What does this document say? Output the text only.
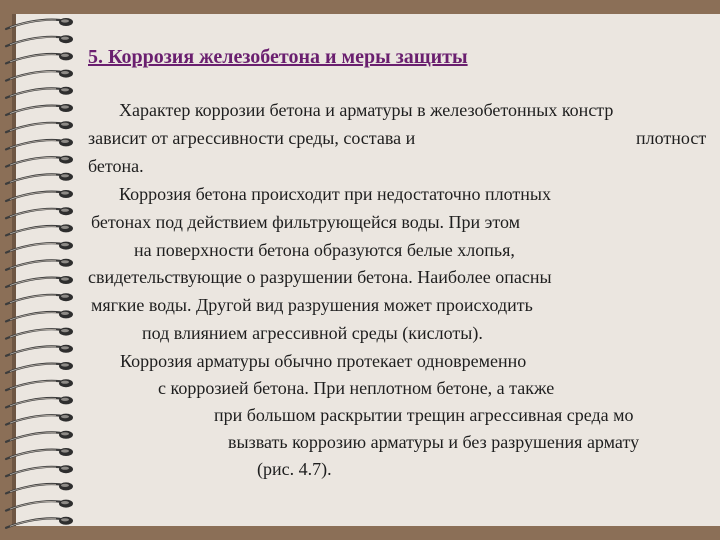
5. Коррозия железобетона и меры защиты

Характер коррозии бетона и арматуры в железобетонных констр

зависит от агрессивности среды, состава и	плотност

бетона.

Коррозия бетона происходит при недостаточно плотных

бетонах под действием фильтрующейся воды. При этом

на поверхности бетона образуются белые хлопья,

свидетельствующие о разрушении бетона. Наиболее опасны

мягкие воды. Другой вид разрушения может происходить

под влиянием агрессивной среды (кислоты).

Коррозия арматуры обычно протекает одновременно

с коррозией бетона. При неплотном бетоне, а также

при большом раскрытии трещин агрессивная среда мо

вызвать коррозию арматуры и без разрушения армату

(рис. 4.7).
